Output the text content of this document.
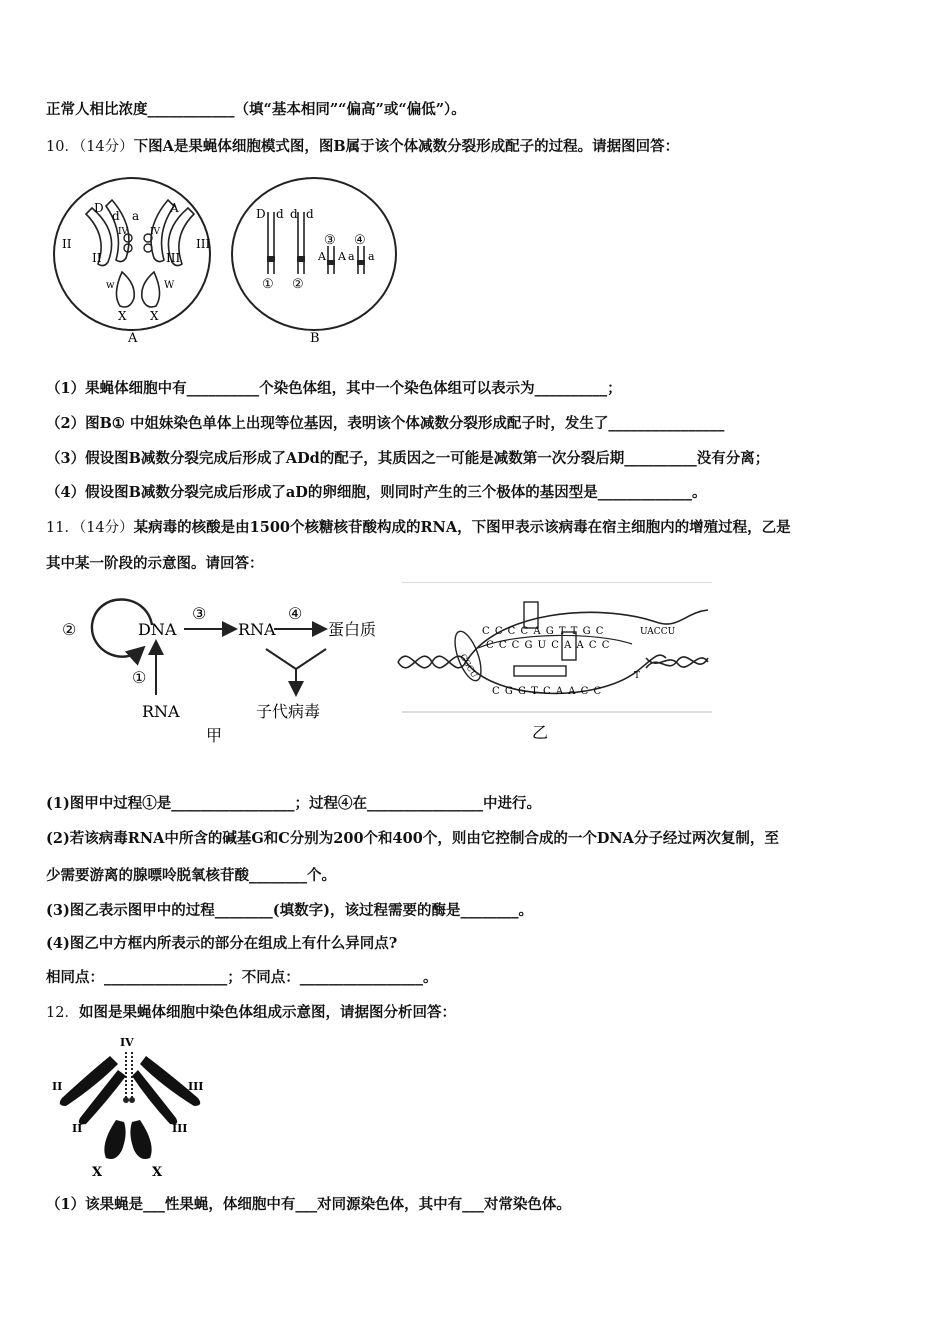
正常人相比浓度____________（填“基本相同”“偏高”或“偏低”）。
10．（14分）下图A是果蝇体细胞模式图，图B属于该个体减数分裂形成配子的过程。请据图回答：
D
d a
A
II
II
IV IV
III
III
w	W
X X
A
D d d d
A A a a
① ②
③ ④
B
（1）果蝇体细胞中有__________个染色体组，其中一个染色体组可以表示为__________；
（2）图B① 中姐妹染色单体上出现等位基因，表明该个体减数分裂形成配子时，发生了________________
（3）假设图B减数分裂完成后形成了ADd的配子，其质因之一可能是减数第一次分裂后期__________没有分离；
（4）假设图B减数分裂完成后形成了aD的卵细胞，则同时产生的三个极体的基因型是_____________。
11．（14分）某病毒的核酸是由1500个核糖核苷酸构成的RNA，下图甲表示该病毒在宿主细胞内的增殖过程，乙是
其中某一阶段的示意图。请回答：
②	DNA
①
RNA
③
RNA
④
蛋白质
子代病毒
甲
C C C C A G T T G C
C C C G U C A A C C
C G G T C A A C C
UACCU
GGCU	T
乙
(1)图甲中过程①是_________________；过程④在________________中进行。
(2)若该病毒RNA中所含的碱基G和C分别为200个和400个，则由它控制合成的一个DNA分子经过两次复制，至
少需要游离的腺嘌呤脱氧核苷酸________个。
(3)图乙表示图甲中的过程________(填数字)，该过程需要的酶是________。
(4)图乙中方框内所表示的部分在组成上有什么异同点?
相同点：_________________；不同点：_________________。
12．如图是果蝇体细胞中染色体组成示意图，请据图分析回答：
IV
II
II
III
III
X	X
（1）该果蝇是___性果蝇，体细胞中有___对同源染色体，其中有___对常染色体。
